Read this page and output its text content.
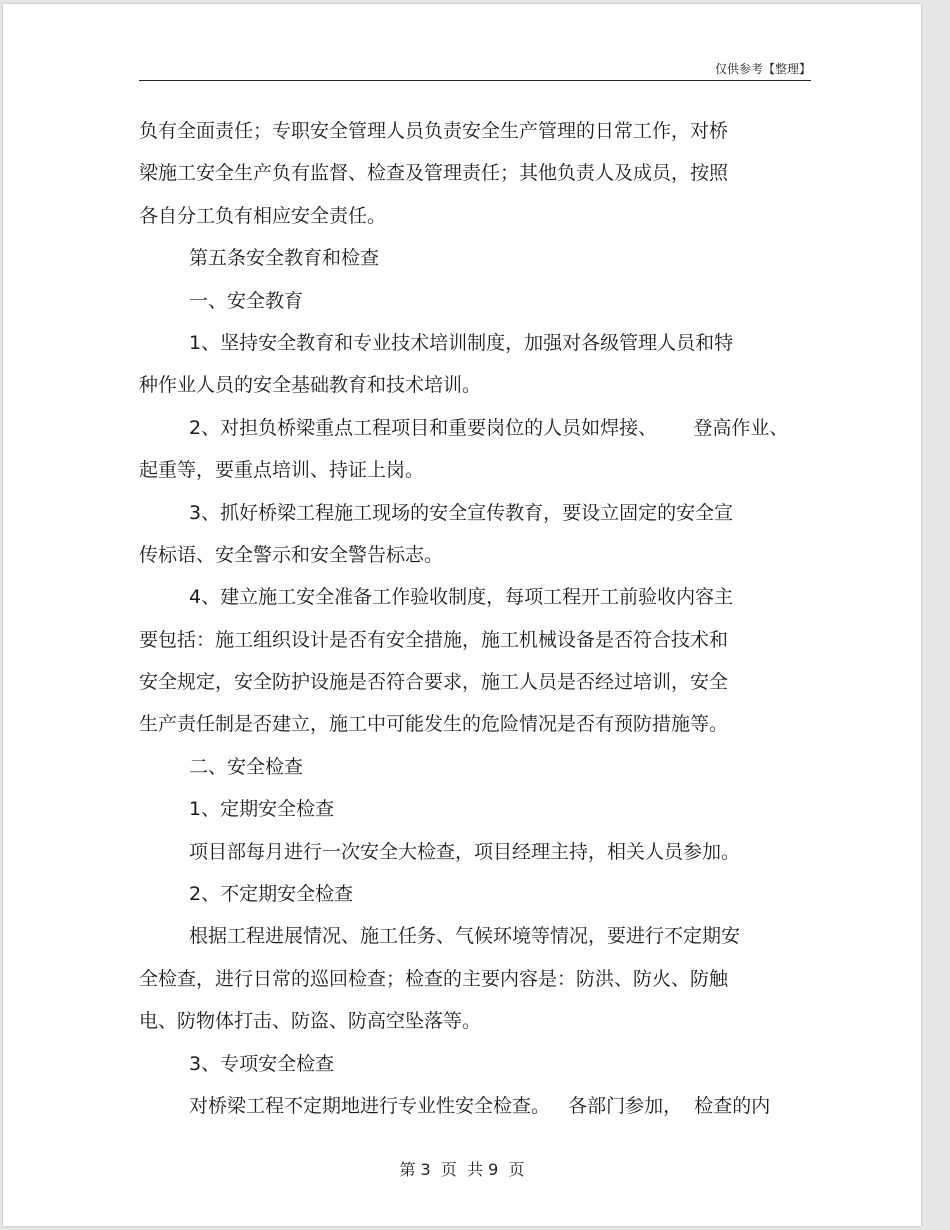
仅供参考【整理】
负有全面责任；专职安全管理人员负责安全生产管理的日常工作，对桥
梁施工安全生产负有监督、检查及管理责任；其他负责人及成员，按照
各自分工负有相应安全责任。
第五条安全教育和检查
一、安全教育
1、坚持安全教育和专业技术培训制度，加强对各级管理人员和特
种作业人员的安全基础教育和技术培训。
2、对担负桥梁重点工程项目和重要岗位的人员如焊接、      登高作业、
起重等，要重点培训、持证上岗。
3、抓好桥梁工程施工现场的安全宣传教育，要设立固定的安全宣
传标语、安全警示和安全警告标志。
4、建立施工安全准备工作验收制度，每项工程开工前验收内容主
要包括：施工组织设计是否有安全措施，施工机械设备是否符合技术和
安全规定，安全防护设施是否符合要求，施工人员是否经过培训，安全
生产责任制是否建立，施工中可能发生的危险情况是否有预防措施等。
二、安全检查
1、定期安全检查
项目部每月进行一次安全大检查，项目经理主持，相关人员参加。
2、不定期安全检查
根据工程进展情况、施工任务、气候环境等情况，要进行不定期安
全检查，进行日常的巡回检查；检查的主要内容是：防洪、防火、防触
电、防物体打击、防盗、防高空坠落等。
3、专项安全检查
对桥梁工程不定期地进行专业性安全检查。   各部门参加，  检查的内
第 3  页  共 9  页
